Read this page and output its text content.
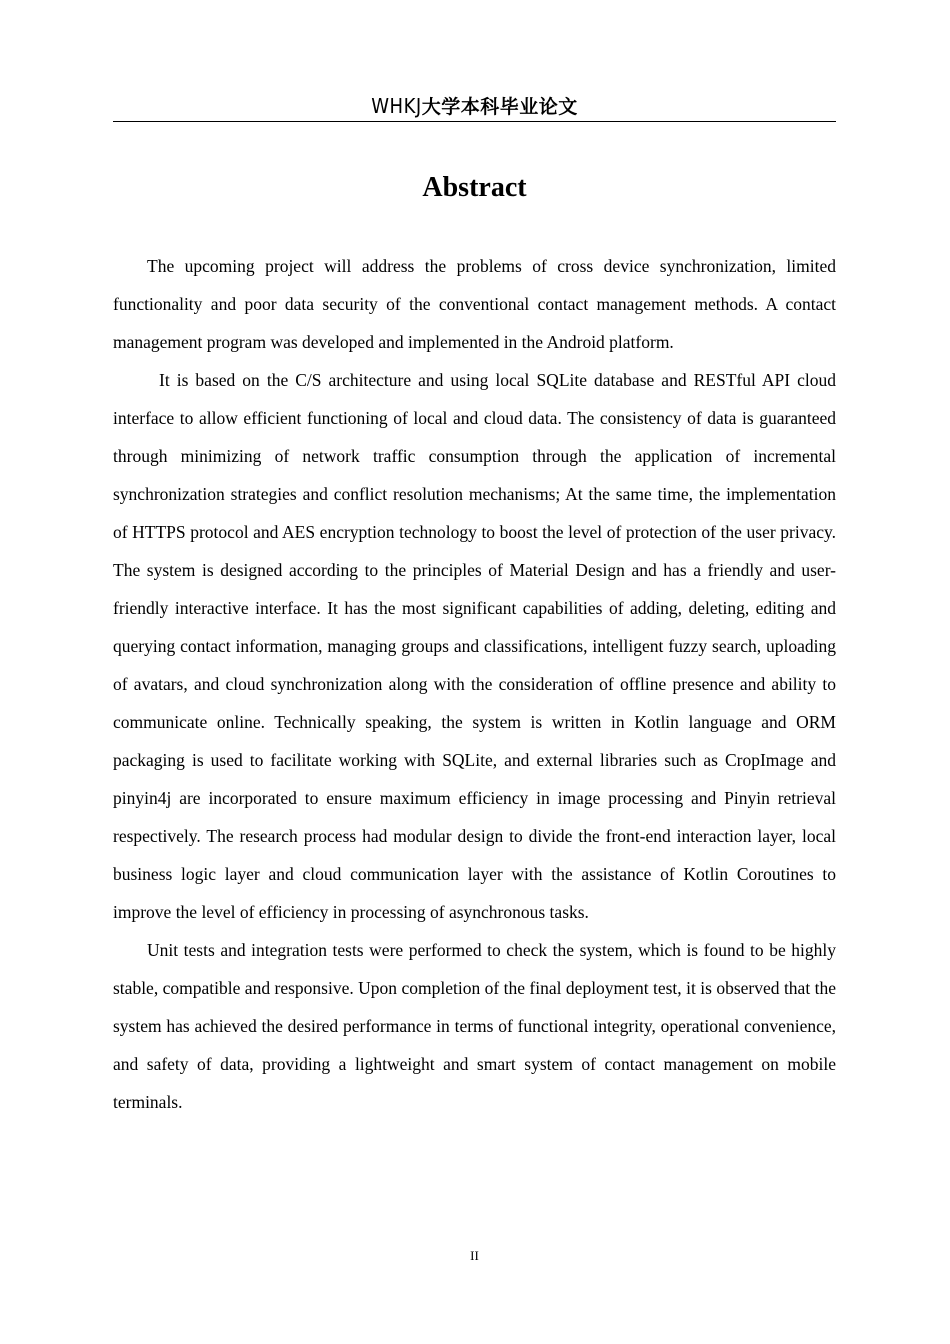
WHKJ大学本科毕业论文
Abstract

The upcoming project will address the problems of cross device synchronization, limited functionality and poor data security of the conventional contact management methods. A contact management program was developed and implemented in the Android platform.

It is based on the C/S architecture and using local SQLite database and RESTful API cloud interface to allow efficient functioning of local and cloud data. The consistency of data is guaranteed through minimizing of network traffic consumption through the application of incremental synchronization strategies and conflict resolution mechanisms; At the same time, the implementation of HTTPS protocol and AES encryption technology to boost the level of protection of the user privacy. The system is designed according to the principles of Material Design and has a friendly and user-friendly interactive interface. It has the most significant capabilities of adding, deleting, editing and querying contact information, managing groups and classifications, intelligent fuzzy search, uploading of avatars, and cloud synchronization along with the consideration of offline presence and ability to communicate online. Technically speaking, the system is written in Kotlin language and ORM packaging is used to facilitate working with SQLite, and external libraries such as CropImage and pinyin4j are incorporated to ensure maximum efficiency in image processing and Pinyin retrieval respectively. The research process had modular design to divide the front-end interaction layer, local business logic layer and cloud communication layer with the assistance of Kotlin Coroutines to improve the level of efficiency in processing of asynchronous tasks.

Unit tests and integration tests were performed to check the system, which is found to be highly stable, compatible and responsive. Upon completion of the final deployment test, it is observed that the system has achieved the desired performance in terms of functional integrity, operational convenience, and safety of data, providing a lightweight and smart system of contact management on mobile terminals.

II
